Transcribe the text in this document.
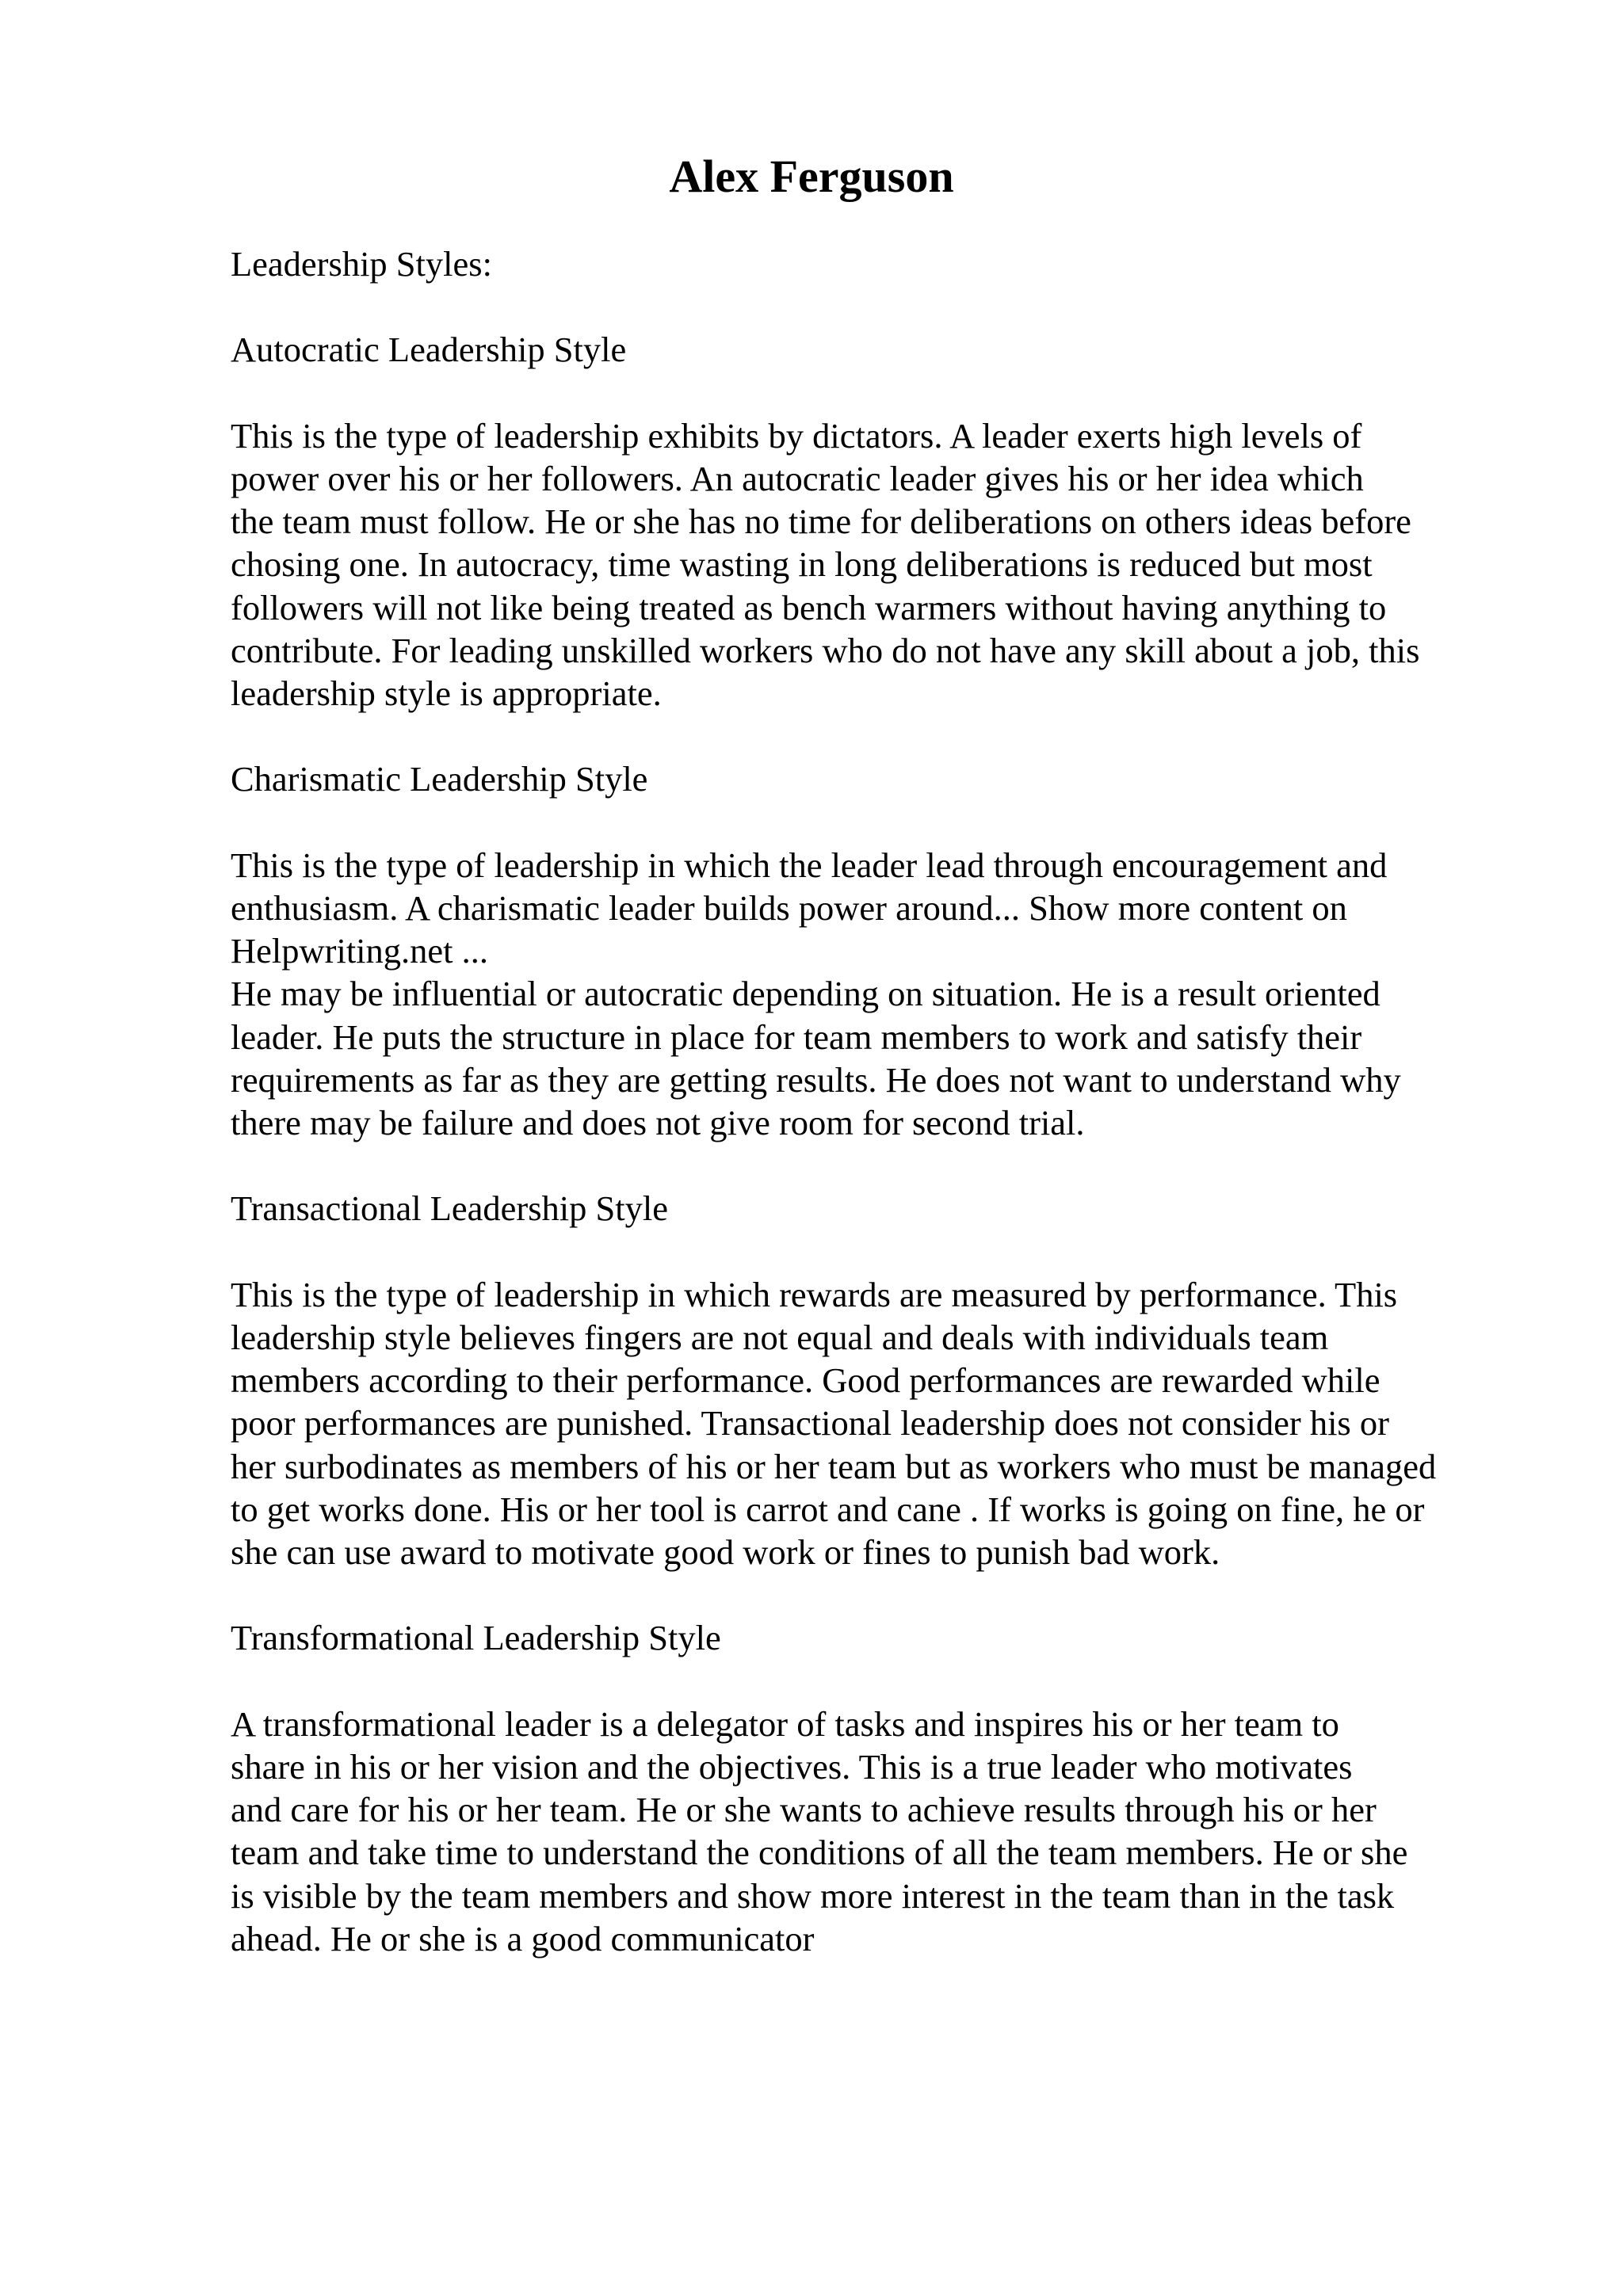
Alex Ferguson
Leadership Styles:
Autocratic Leadership Style
This is the type of leadership exhibits by dictators. A leader exerts high levels of
power over his or her followers. An autocratic leader gives his or her idea which
the team must follow. He or she has no time for deliberations on others ideas before
chosing one. In autocracy, time wasting in long deliberations is reduced but most
followers will not like being treated as bench warmers without having anything to
contribute. For leading unskilled workers who do not have any skill about a job, this
leadership style is appropriate.
Charismatic Leadership Style
This is the type of leadership in which the leader lead through encouragement and
enthusiasm. A charismatic leader builds power around... Show more content on
Helpwriting.net ...
He may be influential or autocratic depending on situation. He is a result oriented
leader. He puts the structure in place for team members to work and satisfy their
requirements as far as they are getting results. He does not want to understand why
there may be failure and does not give room for second trial.
Transactional Leadership Style
This is the type of leadership in which rewards are measured by performance. This
leadership style believes fingers are not equal and deals with individuals team
members according to their performance. Good performances are rewarded while
poor performances are punished. Transactional leadership does not consider his or
her surbodinates as members of his or her team but as workers who must be managed
to get works done. His or her tool is carrot and cane . If works is going on fine, he or
she can use award to motivate good work or fines to punish bad work.
Transformational Leadership Style
A transformational leader is a delegator of tasks and inspires his or her team to
share in his or her vision and the objectives. This is a true leader who motivates
and care for his or her team. He or she wants to achieve results through his or her
team and take time to understand the conditions of all the team members. He or she
is visible by the team members and show more interest in the team than in the task
ahead. He or she is a good communicator
